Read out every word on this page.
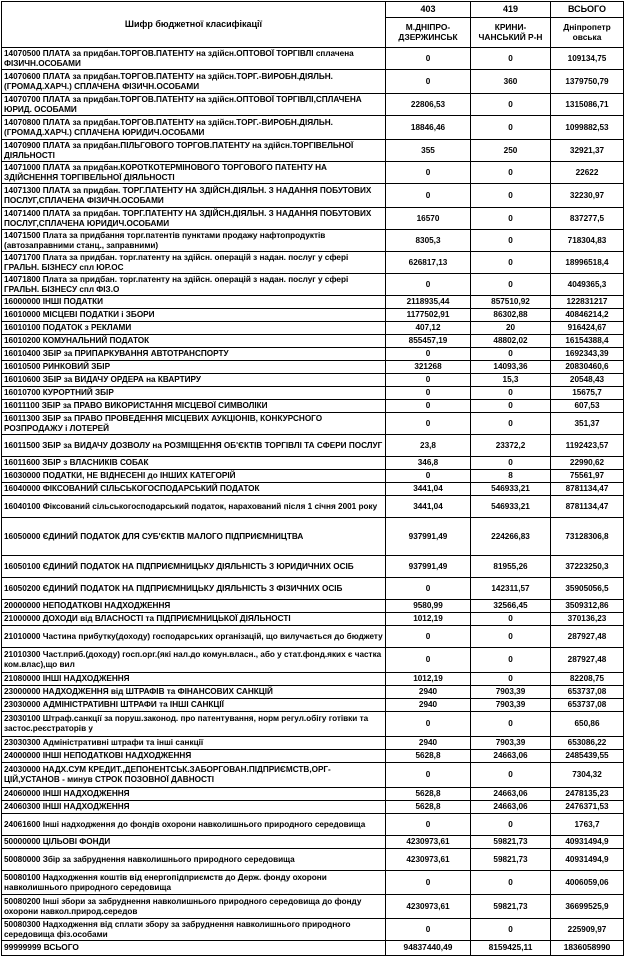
Шифр бюджетної класифікації	403	419	ВСЬОГО
	М.ДНІПРО-ДЗЕРЖИНСЬК	КРИНИ-ЧАНСЬКИЙ Р-Н	Дніпропетр овська
14070500 ПЛАТА за придбан.ТОРГОВ.ПАТЕНТУ на здійсн.ОПТОВОЇ ТОРГІВЛІ сплачена ФІЗИЧН.ОСОБАМИ	0	0	109134,75
14070600 ПЛАТА за придбан.ТОРГОВ.ПАТЕНТУ на здійсн.ТОРГ.-ВИРОБН.ДІЯЛЬН.(ГРОМАД.ХАРЧ.) СПЛАЧЕНА ФІЗИЧН.ОСОБАМИ	0	360	1379750,79
14070700 ПЛАТА за придбан.ТОРГОВ.ПАТЕНТУ на здійсн.ОПТОВОЇ ТОРГІВЛІ,СПЛАЧЕНА ЮРИД. ОСОБАМИ	22806,53	0	1315086,71
14070800 ПЛАТА за придбан.ТОРГОВ.ПАТЕНТУ на здійсн.ТОРГ.-ВИРОБН.ДІЯЛЬН.(ГРОМАД.ХАРЧ.) СПЛАЧЕНА ЮРИДИЧ.ОСОБАМИ	18846,46	0	1099882,53
14070900 ПЛАТА за придбан.ПІЛЬГОВОГО ТОРГОВ.ПАТЕНТУ на здійсн.ТОРГІВЕЛЬНОЇ ДІЯЛЬНОСТІ	355	250	32921,37
14071000 ПЛАТА за придбан.КОРОТКОТЕРМІНОВОГО ТОРГОВОГО ПАТЕНТУ НА ЗДІЙСНЕННЯ ТОРГІВЕЛЬНОЇ ДІЯЛЬНОСТІ	0	0	22622
14071300 ПЛАТА за придбан. ТОРГ.ПАТЕНТУ НА ЗДІЙСН.ДІЯЛЬН. З НАДАННЯ ПОБУТОВИХ ПОСЛУГ,СПЛАЧЕНА ФІЗИЧН.ОСОБАМИ	0	0	32230,97
14071400 ПЛАТА за придбан. ТОРГ.ПАТЕНТУ НА ЗДІЙСН.ДІЯЛЬН. З НАДАННЯ ПОБУТОВИХ ПОСЛУГ,СПЛАЧЕНА ЮРИДИЧ.ОСОБАМИ	16570	0	837277,5
14071500 Плата за придбання торг.патентів пунктами продажу нафтопродуктів (автозаправними станц., заправними)	8305,3	0	718304,83
14071700 Плата за придбан. торг.патенту на здійсн. операцій з надан. послуг у сфері ГРАЛЬН. БІЗНЕСУ спл ЮР.ОС	626817,13	0	18996518,4
14071800 Плата за придбан. торг.патенту на здійсн. операцій з надан. послуг у сфері ГРАЛЬН. БІЗНЕСУ спл ФІЗ.О	0	0	4049365,3
16000000 ІНШІ ПОДАТКИ	2118935,44	857510,92	122831217
16010000 МІСЦЕВІ ПОДАТКИ і ЗБОРИ	1177502,91	86302,88	40846214,2
16010100 ПОДАТОК з РЕКЛАМИ	407,12	20	916424,67
16010200 КОМУНАЛЬНИЙ ПОДАТОК	855457,19	48802,02	16154388,4
16010400 ЗБІР за ПРИПАРКУВАННЯ АВТОТРАНСПОРТУ	0	0	1692343,39
16010500 РИНКОВИЙ ЗБІР	321268	14093,36	20830460,6
16010600 ЗБІР за ВИДАЧУ ОРДЕРА на КВАРТИРУ	0	15,3	20548,43
16010700 КУРОРТНИЙ ЗБІР	0	0	15675,7
16011100 ЗБІР за ПРАВО ВИКОРИСТАННЯ МІСЦЕВОЇ СИМВОЛІКИ	0	0	607,53
16011300 ЗБІР за ПРАВО ПРОВЕДЕННЯ МІСЦЕВИХ АУКЦІОНІВ, КОНКУРСНОГО РОЗПРОДАЖУ і ЛОТЕРЕЙ	0	0	351,37
16011500 ЗБІР за ВИДАЧУ ДОЗВОЛУ на РОЗМІЩЕННЯ ОБ'ЄКТІВ ТОРГІВЛІ ТА СФЕРИ ПОСЛУГ	23,8	23372,2	1192423,57
16011600 ЗБІР з ВЛАСНИКІВ СОБАК	346,8	0	22990,62
16030000 ПОДАТКИ, НЕ ВІДНЕСЕНІ до ІНШИХ КАТЕГОРІЙ	0	8	75561,97
16040000 ФІКСОВАНИЙ СІЛЬСЬКОГОСПОДАРСЬКИЙ ПОДАТОК	3441,04	546933,21	8781134,47
16040100 Фіксований сільськогосподарський податок, нарахований після 1 січня 2001 року	3441,04	546933,21	8781134,47
16050000 ЄДИНИЙ ПОДАТОК ДЛЯ СУБ'ЄКТІВ МАЛОГО ПІДПРИЄМНИЦТВА	937991,49	224266,83	73128306,8
16050100 ЄДИНИЙ ПОДАТОК НА ПІДПРИЄМНИЦЬКУ ДІЯЛЬНІСТЬ З ЮРИДИЧНИХ ОСІБ	937991,49	81955,26	37223250,3
16050200 ЄДИНИЙ ПОДАТОК НА ПІДПРИЄМНИЦЬКУ ДІЯЛЬНІСТЬ З ФІЗИЧНИХ ОСІБ	0	142311,57	35905056,5
20000000 НЕПОДАТКОВІ НАДХОДЖЕННЯ	9580,99	32566,45	3509312,86
21000000 ДОХОДИ від ВЛАСНОСТІ та ПІДПРИЄМНИЦЬКОЇ ДІЯЛЬНОСТІ	1012,19	0	370136,23
21010000 Частина прибутку(доходу) господарських організацій, що вилучається до бюджету	0	0	287927,48
21010300 Част.приб.(доходу) госп.орг.(які нал.до комун.власн., або у стат.фонд.яких є частка ком.влас),що вил	0	0	287927,48
21080000 ІНШІ НАДХОДЖЕННЯ	1012,19	0	82208,75
23000000 НАДХОДЖЕННЯ від ШТРАФІВ та ФІНАНСОВИХ САНКЦІЙ	2940	7903,39	653737,08
23030000 АДМІНІСТРАТИВНІ ШТРАФИ та ІНШІ САНКЦІЇ	2940	7903,39	653737,08
23030100 Штраф.санкції за поруш.законод. про патентування, норм регул.обігу готівки та застос.реєстраторів у	0	0	650,86
23030300 Адміністративні штрафи та інші санкції	2940	7903,39	653086,22
24000000 ІНШІ НЕПОДАТКОВІ НАДХОДЖЕННЯ	5628,8	24663,06	2485439,55
24030000 НАДХ.СУМ КРЕДИТ.,ДЕПОНЕНТСЬК.ЗАБОРГОВАН.ПІДПРИЄМСТВ,ОРГ-ЦІЙ,УСТАНОВ - минув СТРОК ПОЗОВНОЇ ДАВНОСТІ	0	0	7304,32
24060000 ІНШІ НАДХОДЖЕННЯ	5628,8	24663,06	2478135,23
24060300 ІНШІ НАДХОДЖЕННЯ	5628,8	24663,06	2476371,53
24061600 Інші надходження до фондів охорони навколишнього природного середовища	0	0	1763,7
50000000 ЦІЛЬОВІ ФОНДИ	4230973,61	59821,73	40931494,9
50080000 Збір за забруднення навколишнього природного середовища	4230973,61	59821,73	40931494,9
50080100 Надходження коштів від енергопідприємств до Держ. фонду охорони навколишнього природного середовища	0	0	4006059,06
50080200 Інші збори за забруднення навколишнього природного середовища до фонду охорони навкол.природ.середов	4230973,61	59821,73	36699525,9
50080300 Надходження від сплати збору за забруднення навколишнього природного середовища фіз.особами	0	0	225909,97
99999999 ВСЬОГО	94837440,49	8159425,11	1836058990
